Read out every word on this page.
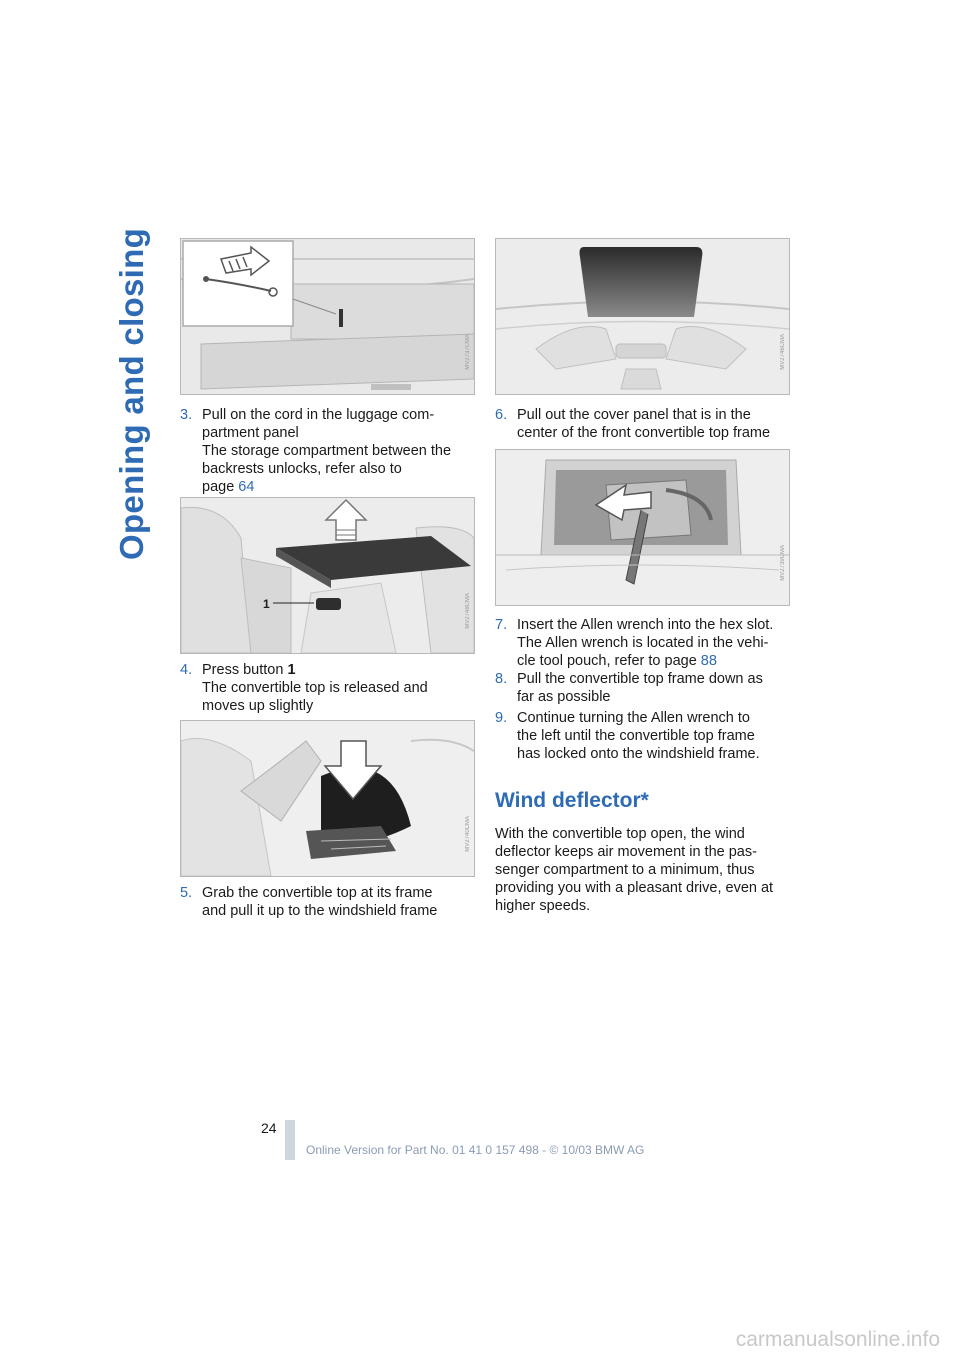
Opening and closing	MV2737CMA
3. Pull on the cord in the luggage com-
partment panel
The storage compartment between the
backrests unlocks, refer also to
page 64
1	MV2748CMA
4. Press button 1
The convertible top is released and
moves up slightly
MV2740CMA
5. Grab the convertible top at its frame
and pull it up to the windshield frame
MV2746CMA
6. Pull out the cover panel that is in the
center of the front convertible top frame
MV2739CMA
7. Insert the Allen wrench into the hex slot.
The Allen wrench is located in the vehi-
cle tool pouch, refer to page 88
8. Pull the convertible top frame down as
far as possible
9. Continue turning the Allen wrench to
the left until the convertible top frame
has locked onto the windshield frame.
Wind deflector*
With the convertible top open, the wind
deflector keeps air movement in the pas-
senger compartment to a minimum, thus
providing you with a pleasant drive, even at
higher speeds.
24
Online Version for Part No. 01 41 0 157 498 - © 10/03 BMW AG
carmanualsonline.info
